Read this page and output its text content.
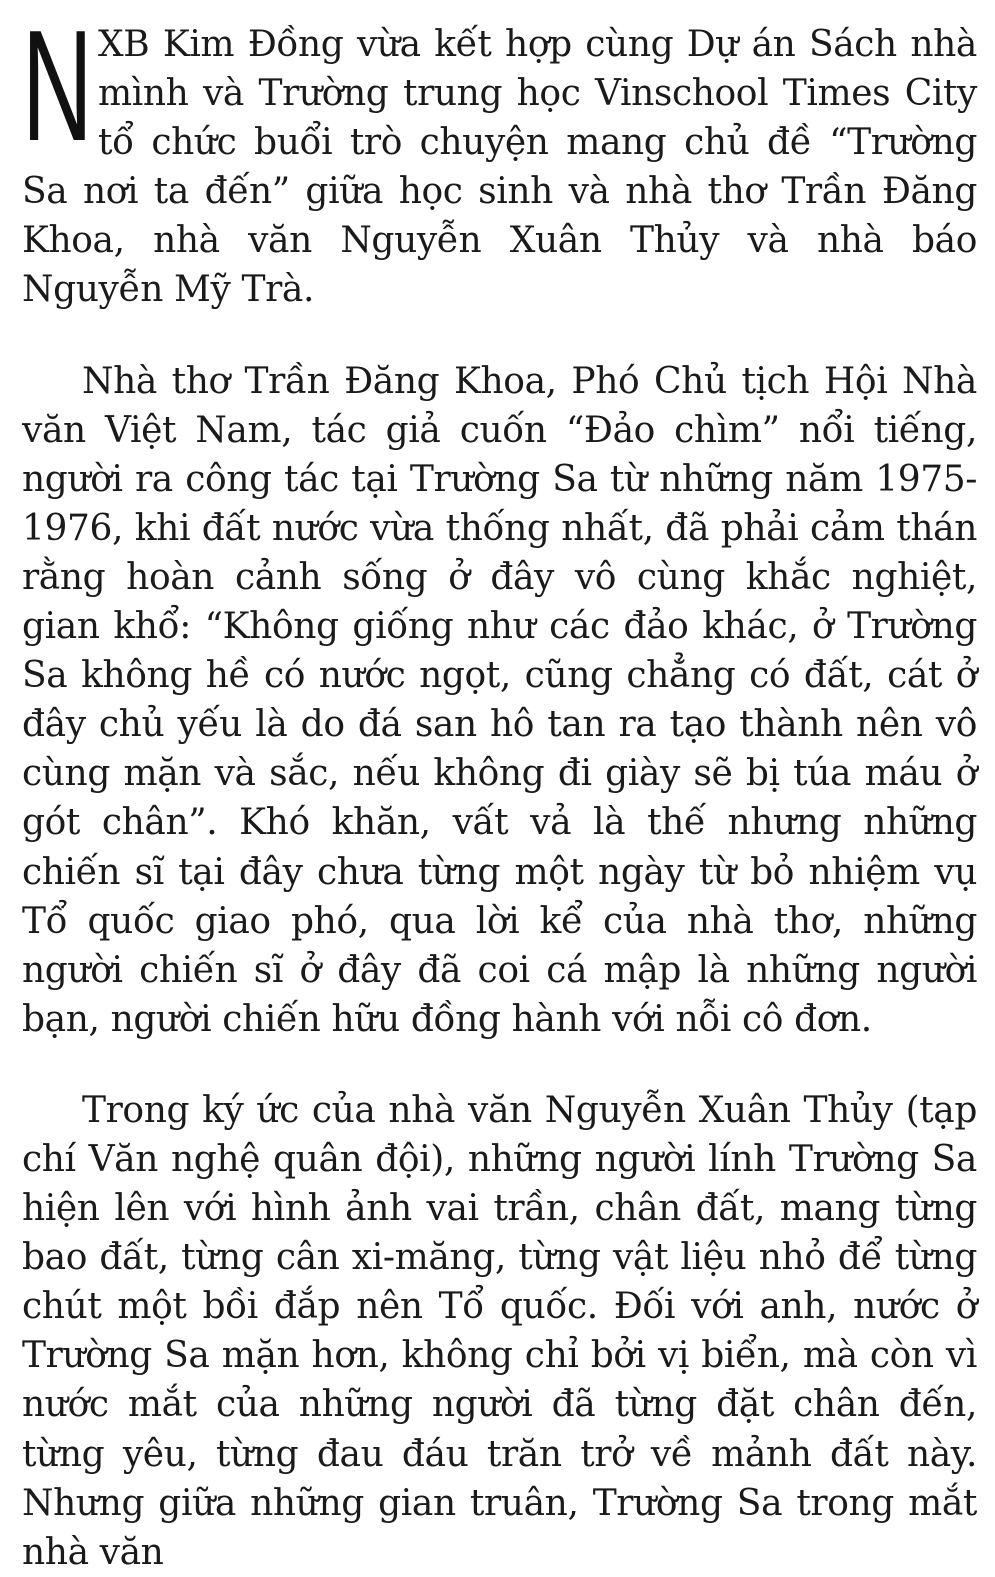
NXB Kim Đồng vừa kết hợp cùng Dự án Sách nhà mình và Trường trung học Vinschool Times City tổ chức buổi trò chuyện mang chủ đề “Trường Sa nơi ta đến” giữa học sinh và nhà thơ Trần Đăng Khoa, nhà văn Nguyễn Xuân Thủy và nhà báo Nguyễn Mỹ Trà.

Nhà thơ Trần Đăng Khoa, Phó Chủ tịch Hội Nhà văn Việt Nam, tác giả cuốn “Đảo chìm” nổi tiếng, người ra công tác tại Trường Sa từ những năm 1975-1976, khi đất nước vừa thống nhất, đã phải cảm thán rằng hoàn cảnh sống ở đây vô cùng khắc nghiệt, gian khổ: “Không giống như các đảo khác, ở Trường Sa không hề có nước ngọt, cũng chẳng có đất, cát ở đây chủ yếu là do đá san hô tan ra tạo thành nên vô cùng mặn và sắc, nếu không đi giày sẽ bị túa máu ở gót chân”. Khó khăn, vất vả là thế nhưng những chiến sĩ tại đây chưa từng một ngày từ bỏ nhiệm vụ Tổ quốc giao phó, qua lời kể của nhà thơ, những người chiến sĩ ở đây đã coi cá mập là những người bạn, người chiến hữu đồng hành với nỗi cô đơn.

Trong ký ức của nhà văn Nguyễn Xuân Thủy (tạp chí Văn nghệ quân đội), những người lính Trường Sa hiện lên với hình ảnh vai trần, chân đất, mang từng bao đất, từng cân xi-măng, từng vật liệu nhỏ để từng chút một bồi đắp nên Tổ quốc. Đối với anh, nước ở Trường Sa mặn hơn, không chỉ bởi vị biển, mà còn vì nước mắt của những người đã từng đặt chân đến, từng yêu, từng đau đáu trăn trở về mảnh đất này. Nhưng giữa những gian truân, Trường Sa trong mắt nhà văn
